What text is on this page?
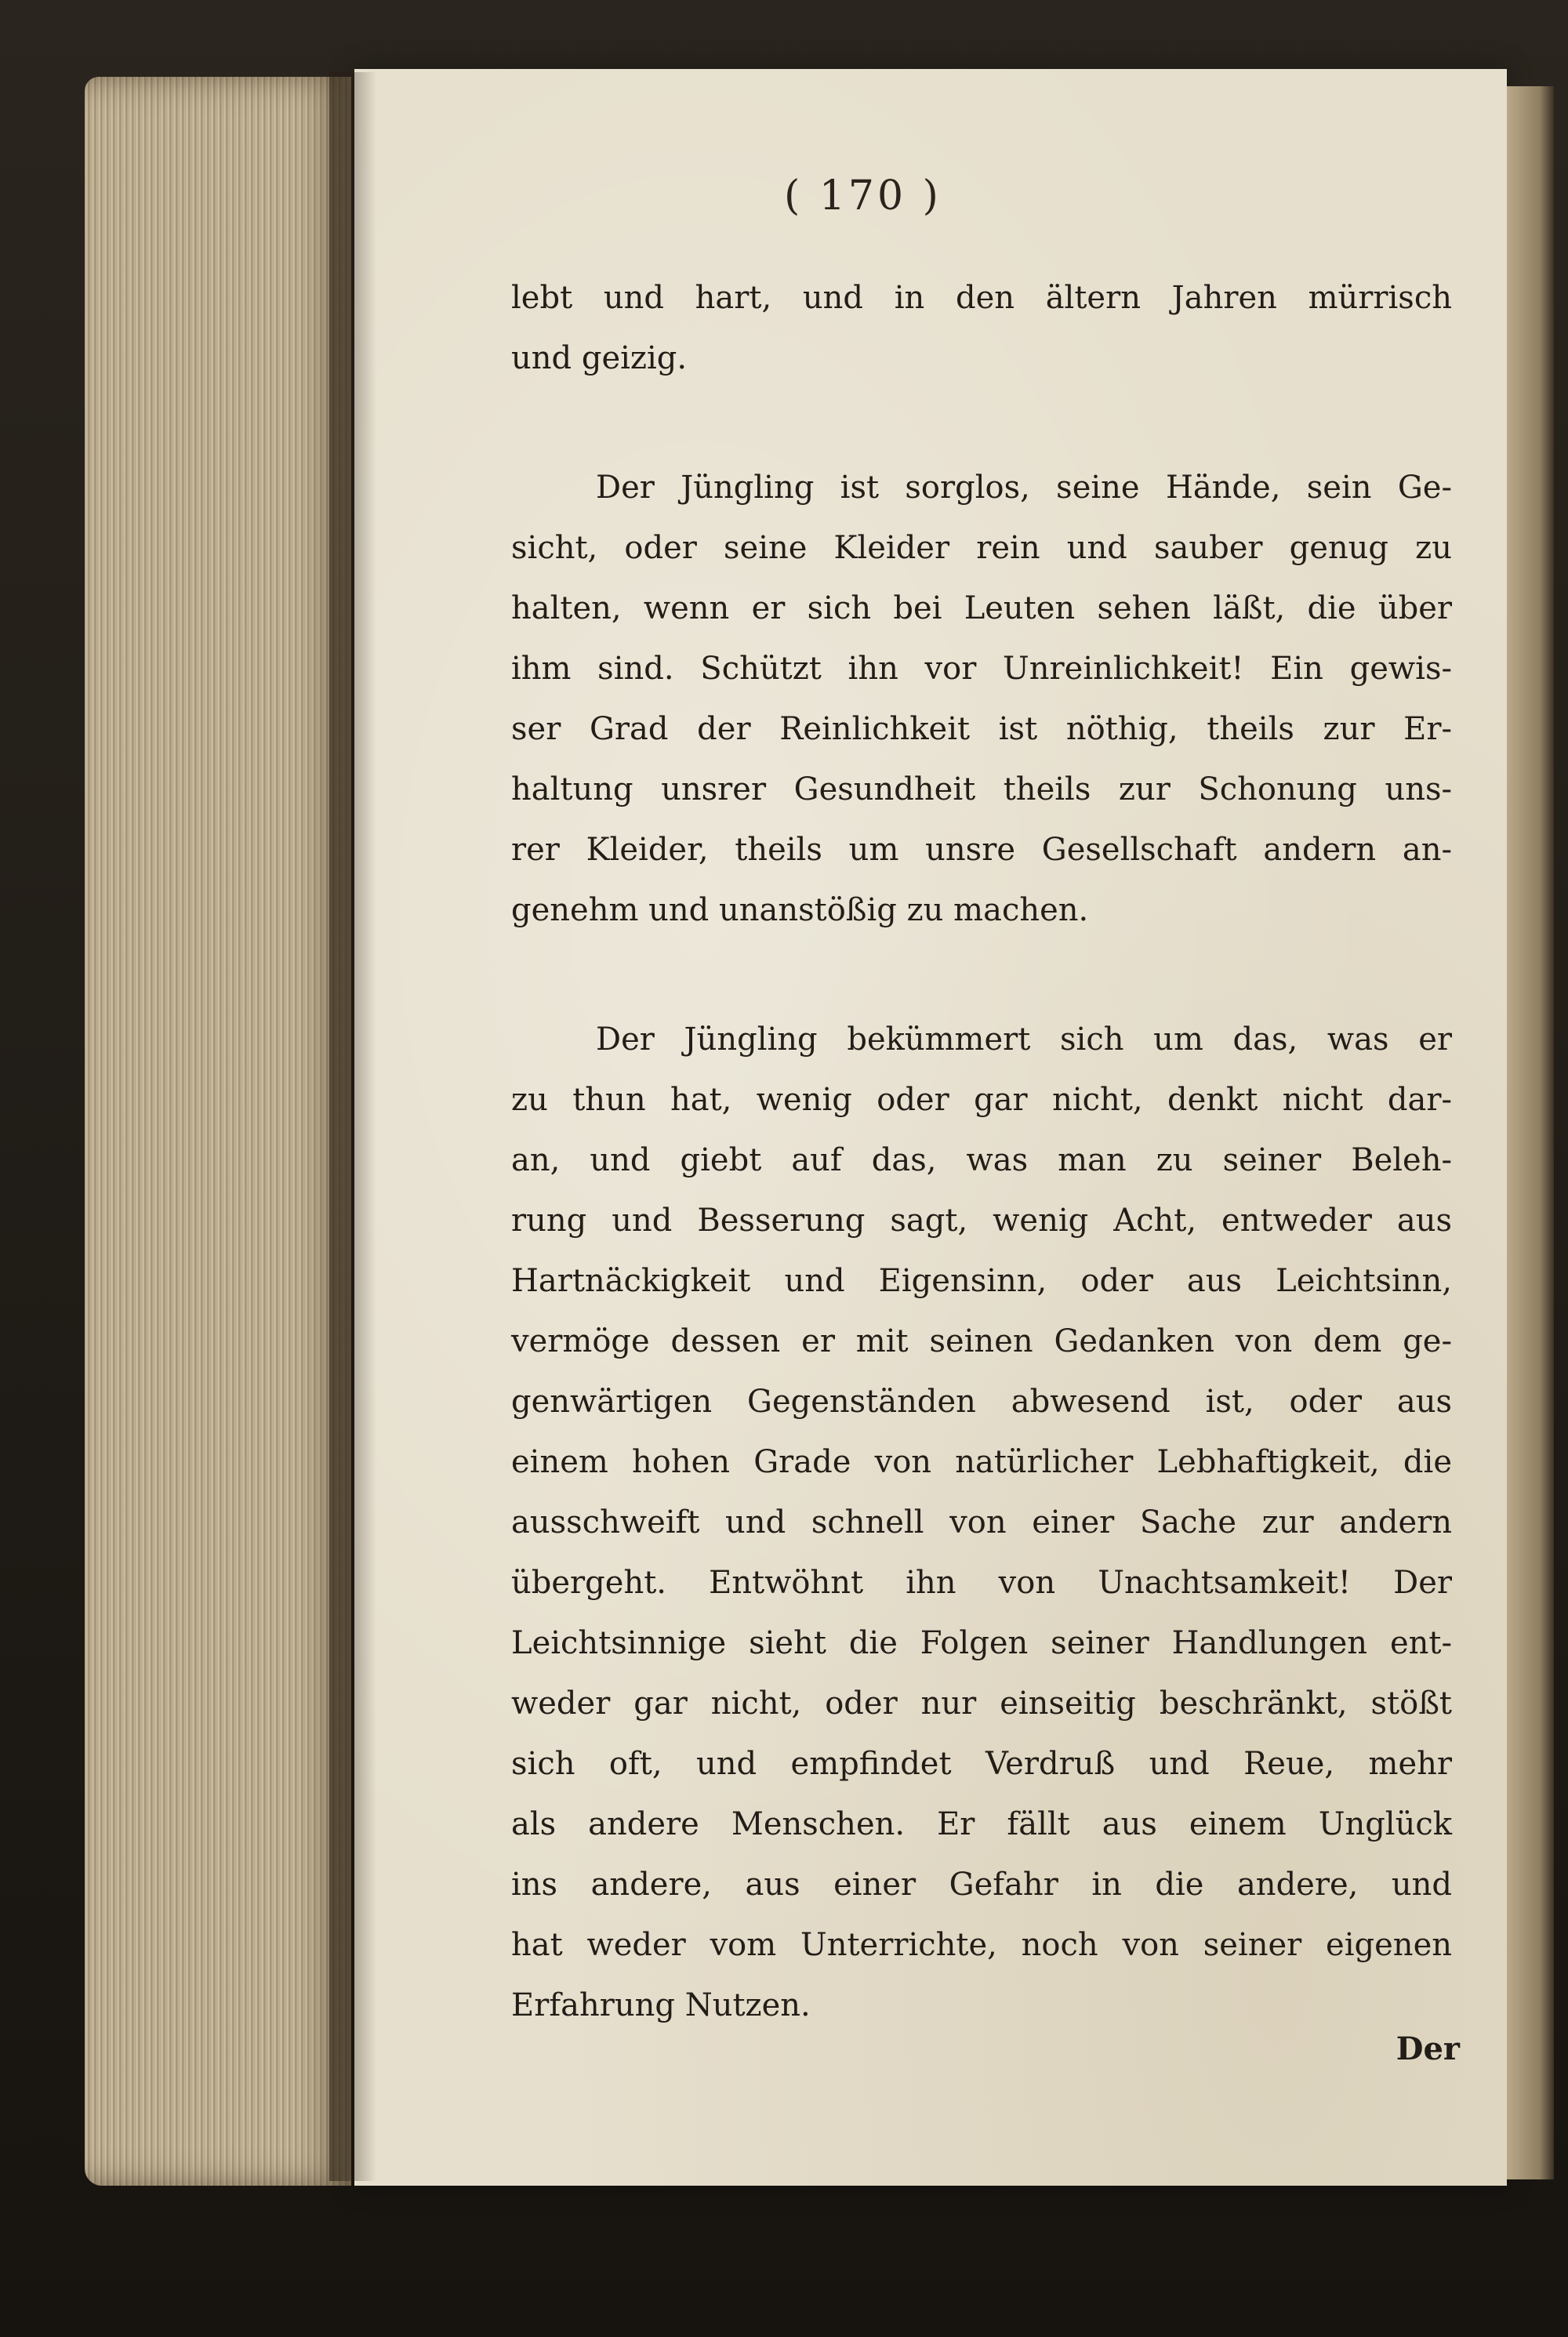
( 170 )
lebt und hart, und in den ältern Jahren mürrisch
und geizig.
Der Jüngling ist sorglos, seine Hände, sein Ge-
sicht, oder seine Kleider rein und sauber genug zu
halten, wenn er sich bei Leuten sehen läßt, die über
ihm sind. Schützt ihn vor Unreinlichkeit! Ein gewis-
ser Grad der Reinlichkeit ist nöthig, theils zur Er-
haltung unsrer Gesundheit theils zur Schonung uns-
rer Kleider, theils um unsre Gesellschaft andern an-
genehm und unanstößig zu machen.
Der Jüngling bekümmert sich um das, was er
zu thun hat, wenig oder gar nicht, denkt nicht dar-
an, und giebt auf das, was man zu seiner Beleh-
rung und Besserung sagt, wenig Acht, entweder aus
Hartnäckigkeit und Eigensinn, oder aus Leichtsinn,
vermöge dessen er mit seinen Gedanken von dem ge-
genwärtigen Gegenständen abwesend ist, oder aus
einem hohen Grade von natürlicher Lebhaftigkeit, die
ausschweift und schnell von einer Sache zur andern
übergeht. Entwöhnt ihn von Unachtsamkeit! Der
Leichtsinnige sieht die Folgen seiner Handlungen ent-
weder gar nicht, oder nur einseitig beschränkt, stößt
sich oft, und empfindet Verdruß und Reue, mehr
als andere Menschen. Er fällt aus einem Unglück
ins andere, aus einer Gefahr in die andere, und
hat weder vom Unterrichte, noch von seiner eigenen
Erfahrung Nutzen.
Der
